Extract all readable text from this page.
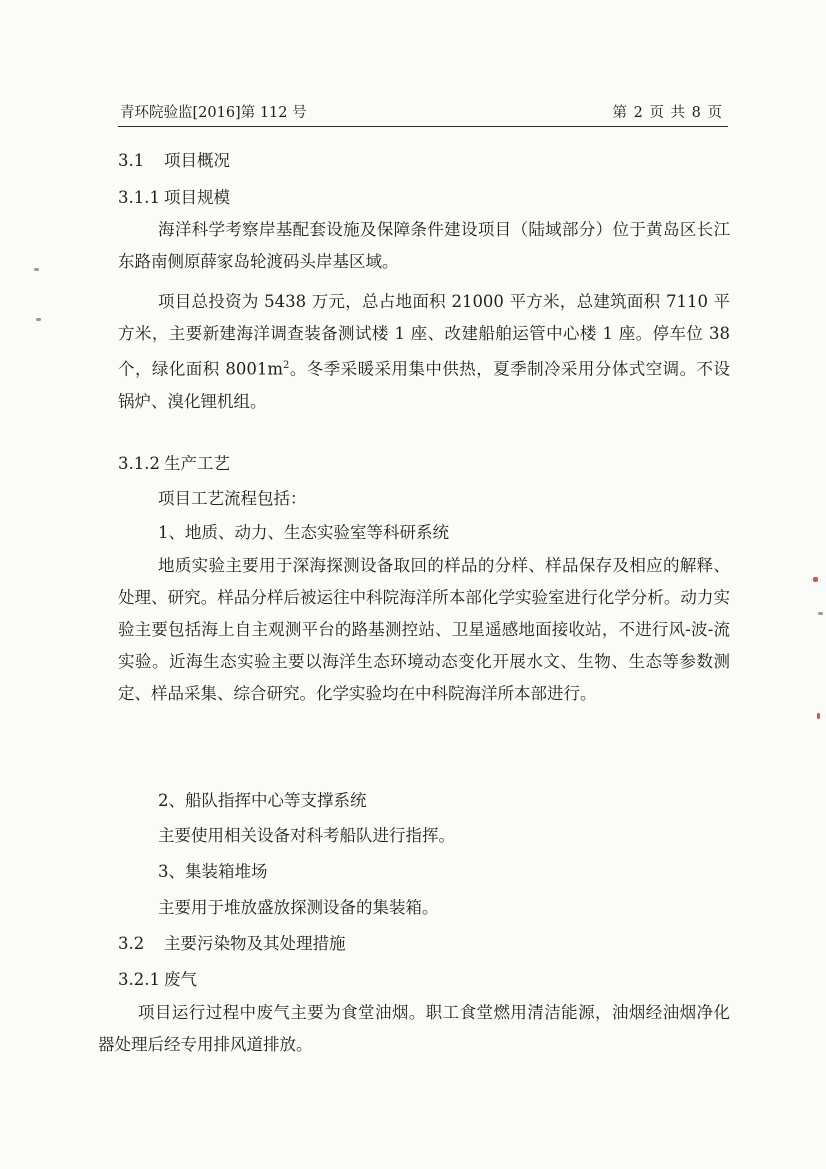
青环院验监[2016]第 112 号	第 2 页 共 8 页
3.1 项目概况
3.1.1 项目规模

海洋科学考察岸基配套设施及保障条件建设项目（陆域部分）位于黄岛区长江东路南侧原薛家岛轮渡码头岸基区域。

项目总投资为 5438 万元，总占地面积 21000 平方米，总建筑面积 7110 平方米，主要新建海洋调查装备测试楼 1 座、改建船舶运管中心楼 1 座。停车位 38 个，绿化面积 $8001m^2$。冬季采暖采用集中供热，夏季制冷采用分体式空调。不设锅炉、溴化锂机组。

3.1.2 生产工艺
项目工艺流程包括：
1、地质、动力、生态实验室等科研系统

地质实验主要用于深海探测设备取回的样品的分样、样品保存及相应的解释、处理、研究。样品分样后被运往中科院海洋所本部化学实验室进行化学分析。动力实验主要包括海上自主观测平台的路基测控站、卫星遥感地面接收站，不进行风-波-流实验。近海生态实验主要以海洋生态环境动态变化开展水文、生物、生态等参数测定、样品采集、综合研究。化学实验均在中科院海洋所本部进行。

2、船队指挥中心等支撑系统
主要使用相关设备对科考船队进行指挥。
3、集装箱堆场
主要用于堆放盛放探测设备的集装箱。
3.2 主要污染物及其处理措施
3.2.1 废气

项目运行过程中废气主要为食堂油烟。职工食堂燃用清洁能源，油烟经油烟净化器处理后经专用排风道排放。
